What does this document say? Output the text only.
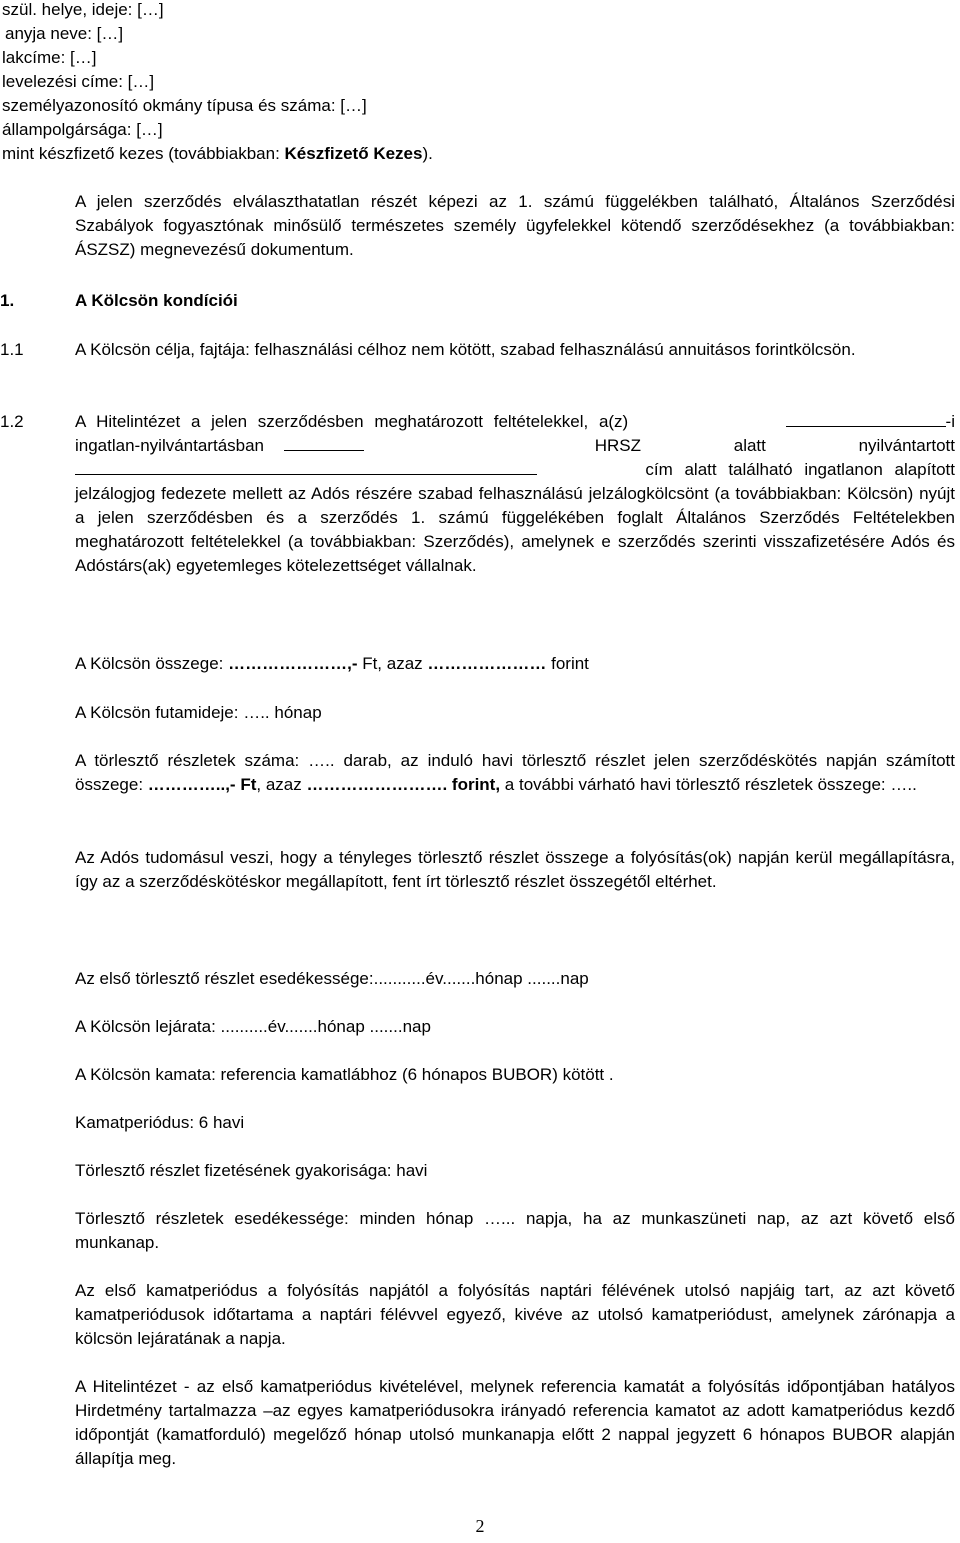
szül. helye, ideje: […]
anyja neve: […]
lakcíme: […]
levelezési címe: […]
személyazonosító okmány típusa és száma: […]
állampolgársága: […]
mint készfizető kezes (továbbiakban: Készfizető Kezes).

A jelen szerződés elválaszthatatlan részét képezi az 1. számú függelékben található, Általános Szerződési Szabályok fogyasztónak minősülő természetes személy ügyfelekkel kötendő szerződésekhez (a továbbiakban: ÁSZSZ) megnevezésű dokumentum.

1.	A Kölcsön kondíciói
1.1	A Kölcsön célja, fajtája: felhasználási célhoz nem kötött, szabad felhasználású annuitásos forintkölcsön.

1.2	A Hitelintézet a jelen szerződésben meghatározott feltételekkel, a(z)	-i
ingatlan-nyilvántartásban	HRSZ alatt nyilvántartott
cím alatt található ingatlanon alapított

jelzálogjog fedezete mellett az Adós részére szabad felhasználású jelzálogkölcsönt (a továbbiakban: Kölcsön) nyújt a jelen szerződésben és a szerződés 1. számú függelékében foglalt Általános Szerződés Feltételekben meghatározott feltételekkel (a továbbiakban: Szerződés), amelynek e szerződés szerinti visszafizetésére Adós és Adóstárs(ak) egyetemleges kötelezettséget vállalnak.

A Kölcsön összege: …………………,- Ft, azaz ………………… forint
A Kölcsön futamideje: ….. hónap

A törlesztő részletek száma: ….. darab, az induló havi törlesztő részlet jelen szerződéskötés napján számított összege: …………..,- Ft, azaz ……………………. forint, a további várható havi törlesztő részletek összege: …..

Az Adós tudomásul veszi, hogy a tényleges törlesztő részlet összege a folyósítás(ok) napján kerül megállapításra, így az a szerződéskötéskor megállapított, fent írt törlesztő részlet összegétől eltérhet.

Az első törlesztő részlet esedékessége:...........év.......hónap .......nap
A Kölcsön lejárata: ..........év.......hónap .......nap
A Kölcsön kamata: referencia kamatlábhoz (6 hónapos BUBOR) kötött .
Kamatperiódus: 6 havi
Törlesztő részlet fizetésének gyakorisága: havi

Törlesztő részletek esedékessége: minden hónap …... napja, ha az munkaszüneti nap, az azt követő első munkanap.

Az első kamatperiódus a folyósítás napjától a folyósítás naptári félévének utolsó napjáig tart, az azt követő kamatperiódusok időtartama a naptári félévvel egyező, kivéve az utolsó kamatperiódust, amelynek zárónapja a kölcsön lejáratának a napja.

A Hitelintézet - az első kamatperiódus kivételével, melynek referencia kamatát a folyósítás időpontjában hatályos Hirdetmény tartalmazza –az egyes kamatperiódusokra irányadó referencia kamatot az adott kamatperiódus kezdő időpontját (kamatforduló) megelőző hónap utolsó munkanapja előtt 2 nappal jegyzett 6 hónapos BUBOR alapján állapítja meg.

2
